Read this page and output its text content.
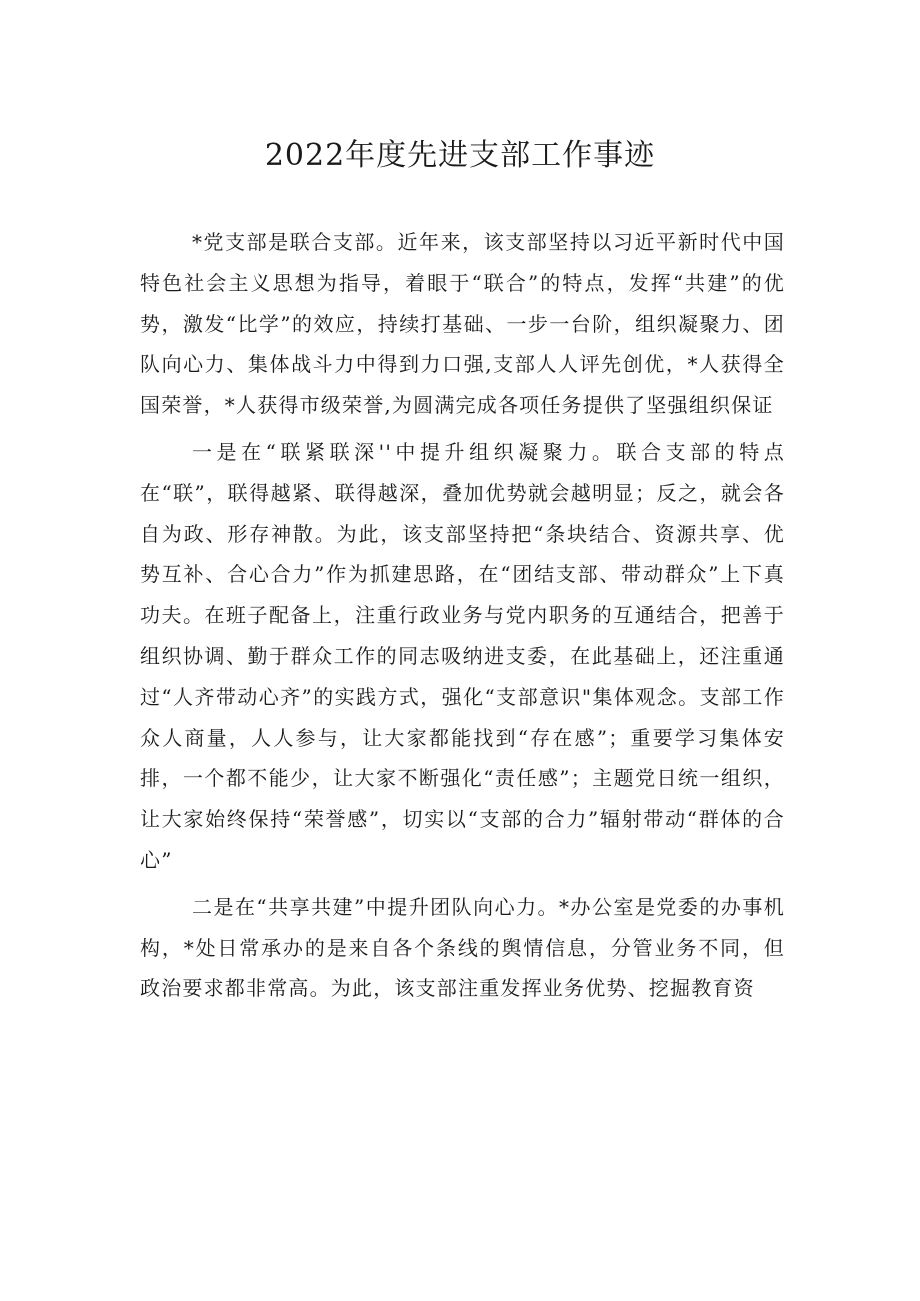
2022年度先进支部工作事迹

*党支部是联合支部。近年来，该支部坚持以习近平新时代中国特色社会主义思想为指导，着眼于“联合”的特点，发挥“共建”的优势，激发“比学”的效应，持续打基础、一步一台阶，组织凝聚力、团队向心力、集体战斗力中得到力口强,支部人人评先创优，*人获得全国荣誉，*人获得市级荣誉,为圆满完成各项任务提供了坚强组织保证

一是在“联紧联深''中提升组织凝聚力。联合支部的特点在“联”，联得越紧、联得越深，叠加优势就会越明显；反之，就会各自为政、形存神散。为此，该支部坚持把“条块结合、资源共享、优势互补、合心合力”作为抓建思路，在“团结支部、带动群众”上下真功夫。在班子配备上，注重行政业务与党内职务的互通结合，把善于组织协调、勤于群众工作的同志吸纳进支委，在此基础上，还注重通过“人齐带动心齐”的实践方式，强化“支部意识"集体观念。支部工作众人商量，人人参与，让大家都能找到“存在感”；重要学习集体安排，一个都不能少，让大家不断强化“责任感”；主题党日统一组织，让大家始终保持“荣誉感”，切实以“支部的合力”辐射带动“群体的合心”

二是在“共享共建”中提升团队向心力。*办公室是党委的办事机构，*处日常承办的是来自各个条线的舆情信息，分管业务不同，但政治要求都非常高。为此，该支部注重发挥业务优势、挖掘教育资
